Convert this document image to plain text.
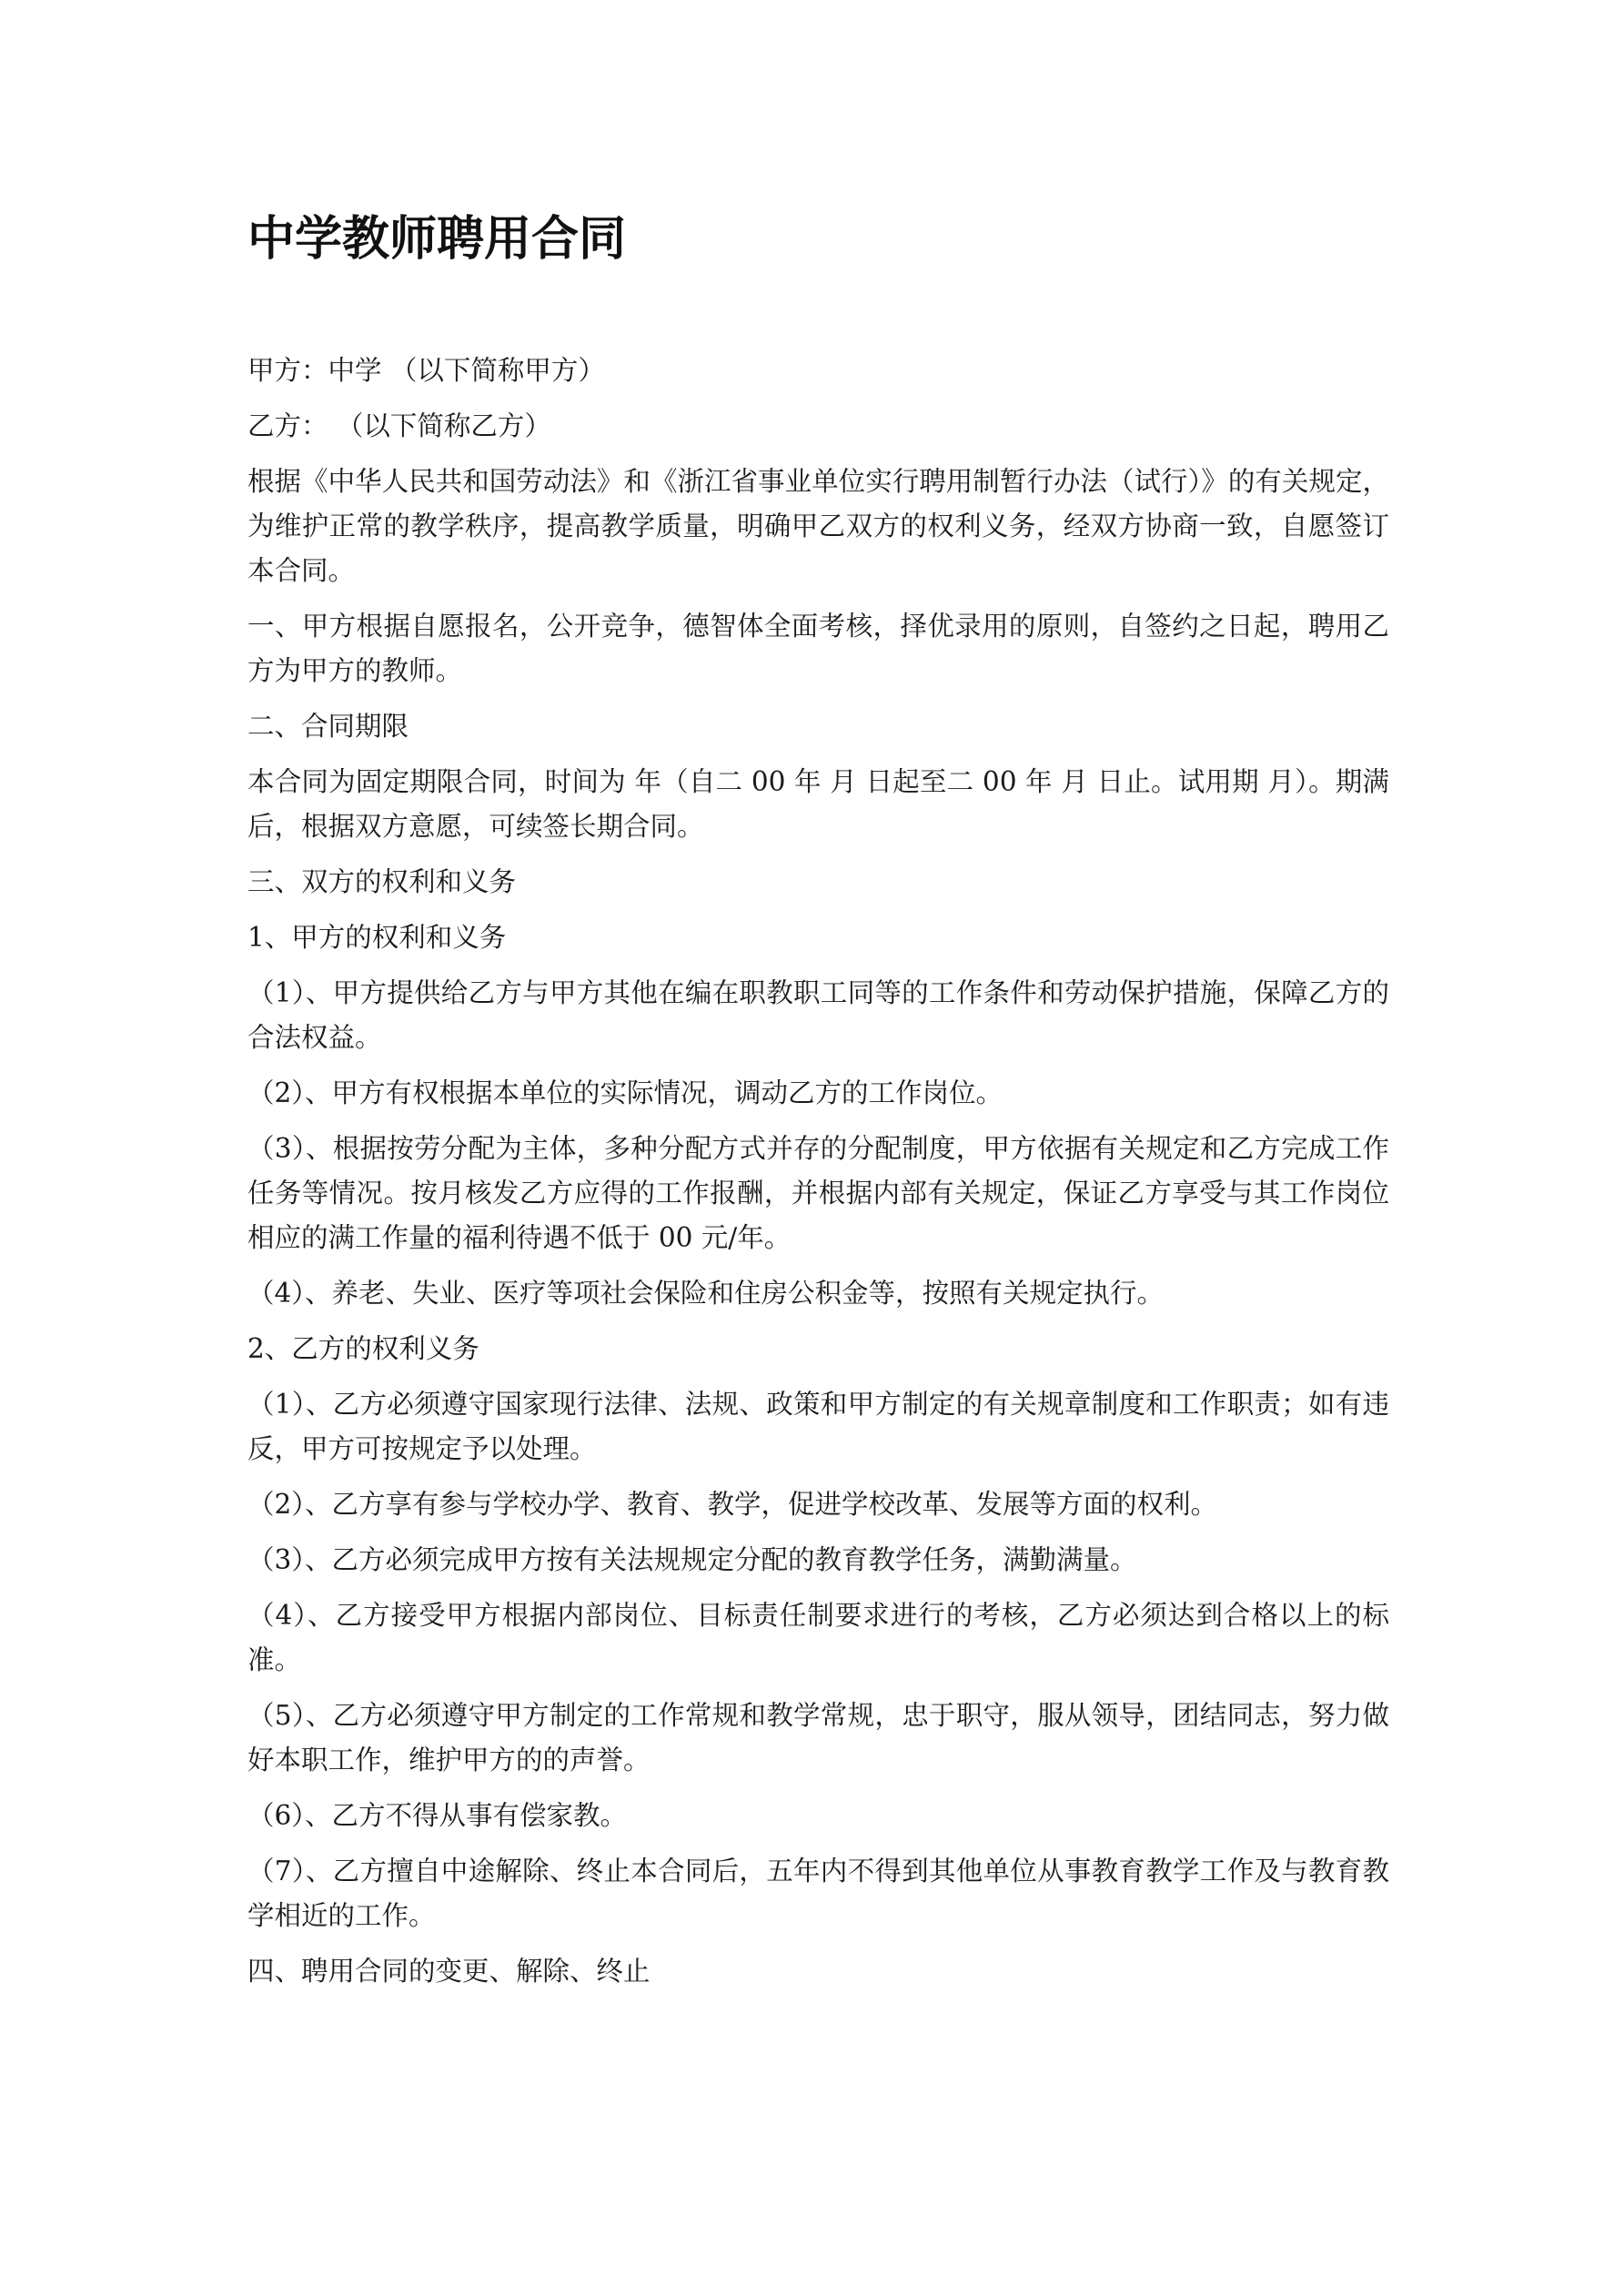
中学教师聘用合同

甲方：中学 （以下简称甲方）

乙方： （以下简称乙方）

根据《中华人民共和国劳动法》和《浙江省事业单位实行聘用制暂行办法（试行）》的有关规定，为维护正常的教学秩序，提高教学质量，明确甲乙双方的权利义务，经双方协商一致，自愿签订本合同。

一、甲方根据自愿报名，公开竞争，德智体全面考核，择优录用的原则，自签约之日起，聘用乙方为甲方的教师。

二、合同期限

本合同为固定期限合同，时间为 年（自二 00 年 月 日起至二 00 年 月 日止。试用期 月）。期满后，根据双方意愿，可续签长期合同。

三、双方的权利和义务

1、甲方的权利和义务

（1）、甲方提供给乙方与甲方其他在编在职教职工同等的工作条件和劳动保护措施，保障乙方的合法权益。

（2）、甲方有权根据本单位的实际情况，调动乙方的工作岗位。

（3）、根据按劳分配为主体，多种分配方式并存的分配制度，甲方依据有关规定和乙方完成工作任务等情况。按月核发乙方应得的工作报酬，并根据内部有关规定，保证乙方享受与其工作岗位相应的满工作量的福利待遇不低于 00 元/年。

（4）、养老、失业、医疗等项社会保险和住房公积金等，按照有关规定执行。

2、乙方的权利义务

（1）、乙方必须遵守国家现行法律、法规、政策和甲方制定的有关规章制度和工作职责；如有违反，甲方可按规定予以处理。

（2）、乙方享有参与学校办学、教育、教学，促进学校改革、发展等方面的权利。

（3）、乙方必须完成甲方按有关法规规定分配的教育教学任务，满勤满量。

（4）、乙方接受甲方根据内部岗位、目标责任制要求进行的考核，乙方必须达到合格以上的标准。

（5）、乙方必须遵守甲方制定的工作常规和教学常规，忠于职守，服从领导，团结同志，努力做好本职工作，维护甲方的的声誉。

（6）、乙方不得从事有偿家教。

（7）、乙方擅自中途解除、终止本合同后，五年内不得到其他单位从事教育教学工作及与教育教学相近的工作。

四、聘用合同的变更、解除、终止
